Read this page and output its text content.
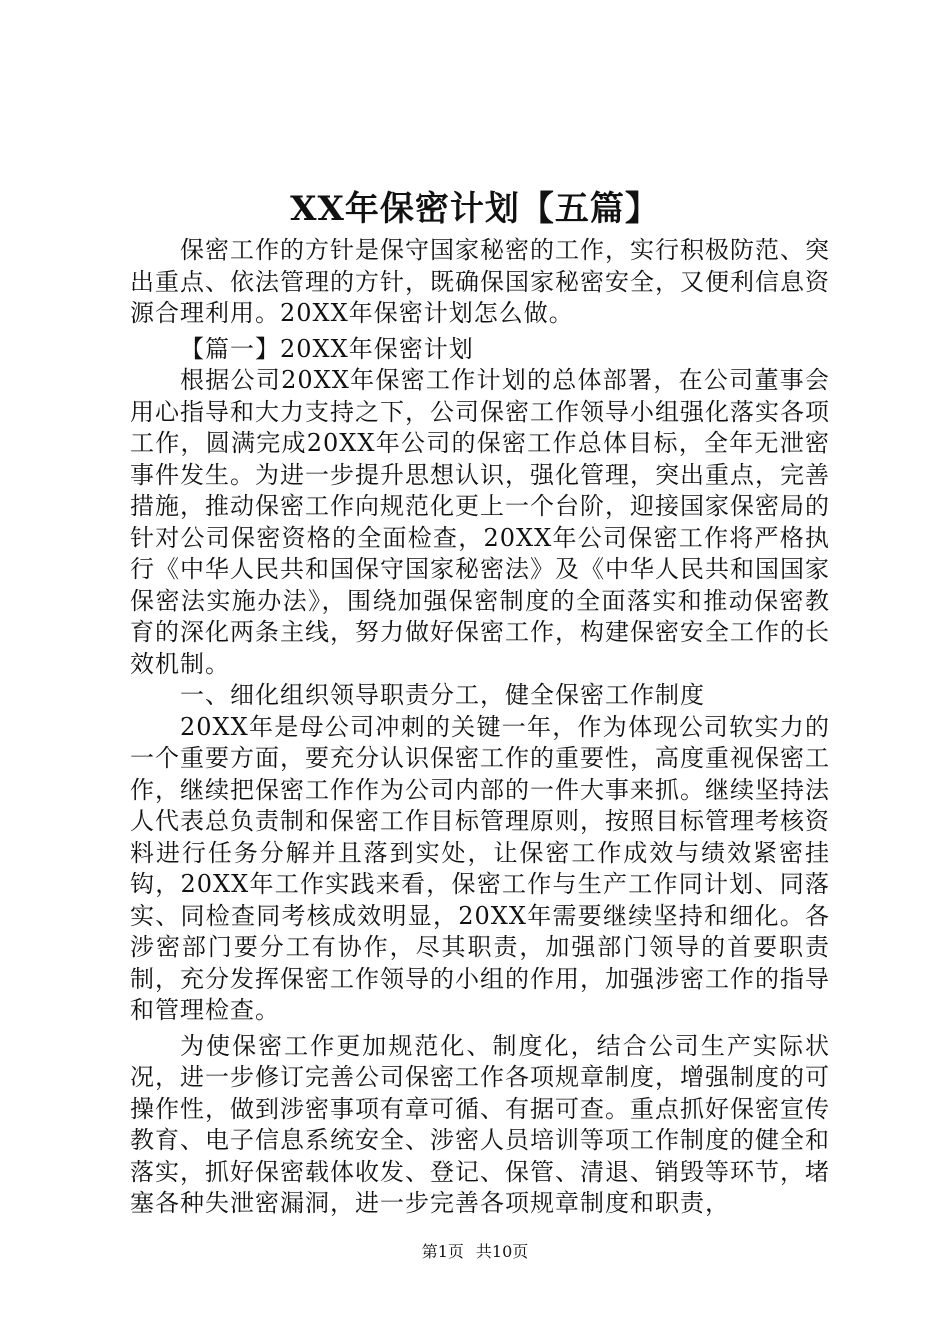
XX年保密计划【五篇】

保密工作的方针是保守国家秘密的工作，实行积极防范、突出重点、依法管理的方针，既确保国家秘密安全，又便利信息资源合理利用。20XX年保密计划怎么做。

【篇一】20XX年保密计划

根据公司20XX年保密工作计划的总体部署，在公司董事会用心指导和大力支持之下，公司保密工作领导小组强化落实各项工作，圆满完成20XX年公司的保密工作总体目标，全年无泄密事件发生。为进一步提升思想认识，强化管理，突出重点，完善措施，推动保密工作向规范化更上一个台阶，迎接国家保密局的针对公司保密资格的全面检查，20XX年公司保密工作将严格执行《中华人民共和国保守国家秘密法》及《中华人民共和国国家保密法实施办法》，围绕加强保密制度的全面落实和推动保密教育的深化两条主线，努力做好保密工作，构建保密安全工作的长效机制。

一、细化组织领导职责分工，健全保密工作制度

20XX年是母公司冲刺的关键一年，作为体现公司软实力的一个重要方面，要充分认识保密工作的重要性，高度重视保密工作，继续把保密工作作为公司内部的一件大事来抓。继续坚持法人代表总负责制和保密工作目标管理原则，按照目标管理考核资料进行任务分解并且落到实处，让保密工作成效与绩效紧密挂钩，20XX年工作实践来看，保密工作与生产工作同计划、同落实、同检查同考核成效明显，20XX年需要继续坚持和细化。各涉密部门要分工有协作，尽其职责，加强部门领导的首要职责制，充分发挥保密工作领导的小组的作用，加强涉密工作的指导和管理检查。

为使保密工作更加规范化、制度化，结合公司生产实际状况，进一步修订完善公司保密工作各项规章制度，增强制度的可操作性，做到涉密事项有章可循、有据可查。重点抓好保密宣传教育、电子信息系统安全、涉密人员培训等项工作制度的健全和落实，抓好保密载体收发、登记、保管、清退、销毁等环节，堵塞各种失泄密漏洞，进一步完善各项规章制度和职责，

第1页 共10页
